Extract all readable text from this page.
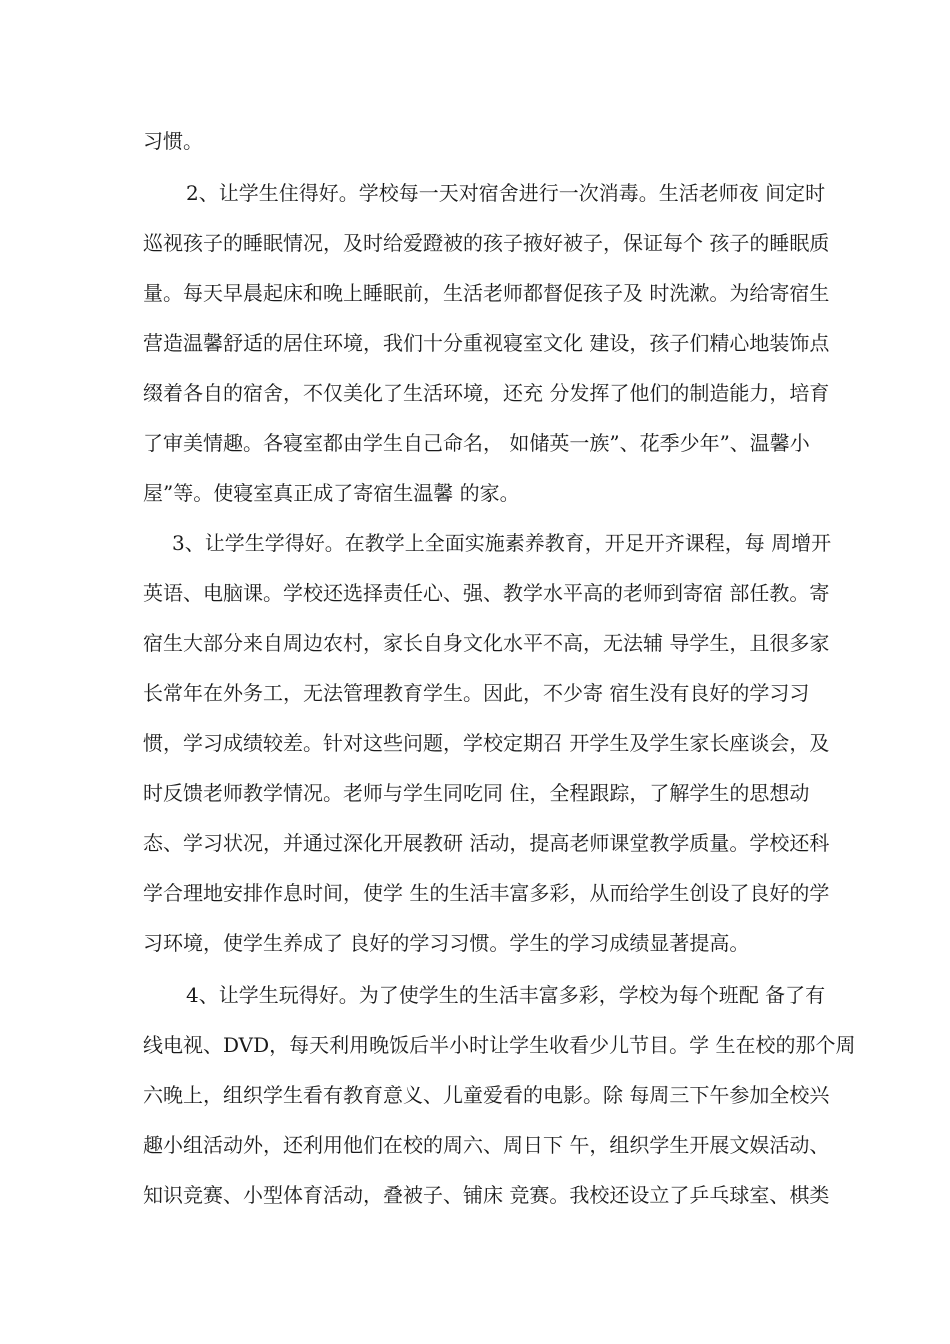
习惯。

2、让学生住得好。学校每一天对宿舍进行一次消毒。生活老师夜 间定时

巡视孩子的睡眠情况，及时给爱蹬被的孩子掖好被子，保证每个 孩子的睡眠质

量。每天早晨起床和晚上睡眠前，生活老师都督促孩子及 时洗漱。为给寄宿生

营造温馨舒适的居住环境，我们十分重视寝室文化 建设，孩子们精心地装饰点

缀着各自的宿舍，不仅美化了生活环境，还充 分发挥了他们的制造能力，培育

了审美情趣。各寝室都由学生自己命名， 如储英一族”、花季少年”、温馨小

屋”等。使寝室真正成了寄宿生温馨 的家。

3、让学生学得好。在教学上全面实施素养教育，开足开齐课程，每 周增开

英语、电脑课。学校还选择责任心、强、教学水平高的老师到寄宿 部任教。寄

宿生大部分来自周边农村，家长自身文化水平不高，无法辅 导学生，且很多家

长常年在外务工，无法管理教育学生。因此，不少寄 宿生没有良好的学习习

惯，学习成绩较差。针对这些问题，学校定期召 开学生及学生家长座谈会，及

时反馈老师教学情况。老师与学生同吃同 住，全程跟踪，了解学生的思想动

态、学习状况，并通过深化开展教研 活动，提高老师课堂教学质量。学校还科

学合理地安排作息时间，使学 生的生活丰富多彩，从而给学生创设了良好的学

习环境，使学生养成了 良好的学习习惯。学生的学习成绩显著提高。

4、让学生玩得好。为了使学生的生活丰富多彩，学校为每个班配 备了有

线电视、DVD，每天利用晚饭后半小时让学生收看少儿节目。学 生在校的那个周

六晚上，组织学生看有教育意义、儿童爱看的电影。除 每周三下午参加全校兴

趣小组活动外，还利用他们在校的周六、周日下 午，组织学生开展文娱活动、

知识竞赛、小型体育活动，叠被子、铺床 竞赛。我校还设立了乒乓球室、棋类
